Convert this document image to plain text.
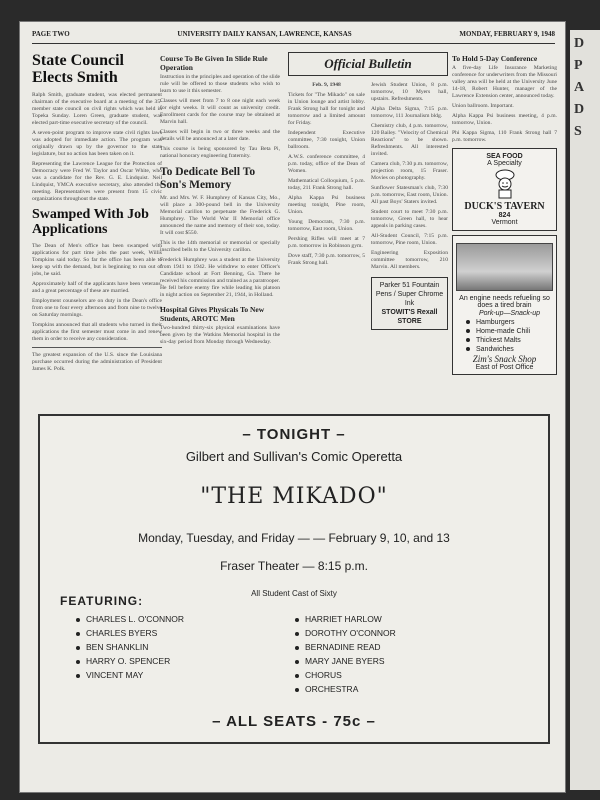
PAGE TWO	UNIVERSITY DAILY KANSAN, LAWRENCE, KANSAS	MONDAY, FEBRUARY 9, 1948
State Council Elects Smith

Ralph Smith, graduate student, was elected permanent chairman of the executive board at a meeting of the 35-member state council on civil rights which was held in Topeka Sunday. Loren Green, graduate student, was elected part-time executive secretary of the council.

A seven-point program to improve state civil rights laws was adopted for immediate action. The program was originally drawn up by the governor to the state legislature, but no action has been taken on it.

Representing the Lawrence League for the Protection of Democracy were Fred W. Taylor and Oscar White, who was a candidate for the Rev. G. E. Lindquist. Neil Lindquist, YMCA executive secretary, also attended the meeting. Representatives were present from 15 civic organizations throughout the state.

Swamped With Job Applications

The Dean of Men's office has been swamped with applications for part time jobs the past week, Willis Tompkins said today. So far the office has been able to keep up with the demand, but is beginning to run out of jobs, he said.

Approximately half of the applicants have been veterans, and a great percentage of these are married.

Employment counselors are on duty in the Dean's office from one to four every afternoon and from nine to twelve on Saturday mornings.

Tompkins announced that all students who turned in their applications the first semester must come in and renew them in order to receive any consideration.

The greatest expansion of the U.S. since the Louisiana purchase occurred during the administration of President James K. Polk.

Course To Be Given In Slide Rule Operation

Instruction in the principles and operation of the slide rule will be offered to those students who wish to learn to use it this semester.

Classes will meet from 7 to 8 one night each week for eight weeks. It will count as university credit. Enrollment cards for the course may be obtained at Marvin hall.

Classes will begin in two or three weeks and the details will be announced at a later date.

This course is being sponsored by Tau Beta Pi, national honorary engineering fraternity.

To Dedicate Bell To Son's Memory

Mr. and Mrs. W. F. Humphrey of Kansas City, Mo., will place a 300-pound bell in the University Memorial carillon to perpetuate the Frederick G. Humphrey. The World War II Memorial office announced the name and memory of their son, today. It will cost $550.

This is the 14th memorial or memorial or specially inscribed bells to the University carillon.

Frederick Humphrey was a student at the University from 1941 to 1942. He withdrew to enter Officer's Candidate school at Fort Benning, Ga. There he received his commission and trained as a paratrooper. He fell before enemy fire while leading his platoon in night action on September 21, 1944, in Holland.

Hospital Gives Physicals To New Students, AROTC Men

Two-hundred thirty-six physical examinations have been given by the Watkins Memorial hospital in the six-day period from Monday through Wednesday.

Official Bulletin

Feb. 9, 1948

Tickets for "The Mikado" on sale in Union lounge and artist lobby. Frank Strong hall for tonight and tomorrow and a limited amount for Friday.

Independent Executive committee, 7:30 tonight, Union ballroom.

A.W.S. conference committee, 4 p.m. today, office of the Dean of Women.

Mathematical Colloquium, 5 p.m. today, 211 Frank Strong hall.

Alpha Kappa Psi business meeting tonight, Pine room, Union.

Young Democrats, 7:30 p.m. tomorrow, East room, Union.

Pershing Rifles will meet at 7 p.m. tomorrow in Robinson gym.

Dove staff, 7:30 p.m. tomorrow, 5 Frank Strong hall.

Jewish Student Union, 8 p.m. tomorrow, 10 Myers hall, upstairs. Refreshments.

Alpha Delta Sigma, 7:15 p.m. tomorrow, 111 Journalism bldg.

Chemistry club, 4 p.m. tomorrow, 120 Bailey. "Velocity of Chemical Reactions" to be shown. Refreshments. All interested invited.

Camera club, 7:30 p.m. tomorrow, projection room, 15 Fraser. Movies on photography.

Sunflower Statesman's club, 7:30 p.m. tomorrow, East room, Union. All past Boys' Staters invited.

Student court to meet 7:30 p.m. tomorrow, Green hall, to hear appeals in parking cases.

All-Student Council, 7:15 p.m. tomorrow, Pine room, Union.

Engineering Exposition committee tomorrow, 210 Marvin. All members.

Parker 51 Fountain Pens / Super Chrome Ink
STOWIT'S Rexall STORE
To Hold 5-Day Conference

A five-day Life Insurance Marketing conference for underwriters from the Missouri valley area will be held at the University June 14-18, Robert Hunter, manager of the Lawrence Extension center, announced today.

Union ballroom. Important.

Alpha Kappa Psi business meeting, 4 p.m. tomorrow, Union.

Phi Kappa Sigma, 110 Frank Strong hall 7 p.m. tomorrow.

SEA FOOD
A Specialty
DUCK'S TAVERN
824
Vermont
An engine needs refueling so does a tired brain
Pork-up—Snack-up
Hamburgers
Home-made Chili
Thickest Malts
Sandwiches
Zim's Snack Shop
East of Post Office
– TONIGHT –
Gilbert and Sullivan's Comic Operetta
"THE MIKADO"
Monday, Tuesday, and Friday — — February 9, 10, and 13
Fraser Theater — 8:15 p.m.
All Student Cast of Sixty
FEATURING:
CHARLES L. O'CONNOR
CHARLES BYERS
BEN SHANKLIN
HARRY O. SPENCER
VINCENT MAY
HARRIET HARLOW
DOROTHY O'CONNOR
BERNADINE READ
MARY JANE BYERS
CHORUS
ORCHESTRA
– ALL SEATS - 75c –
D
P
A
D
S
